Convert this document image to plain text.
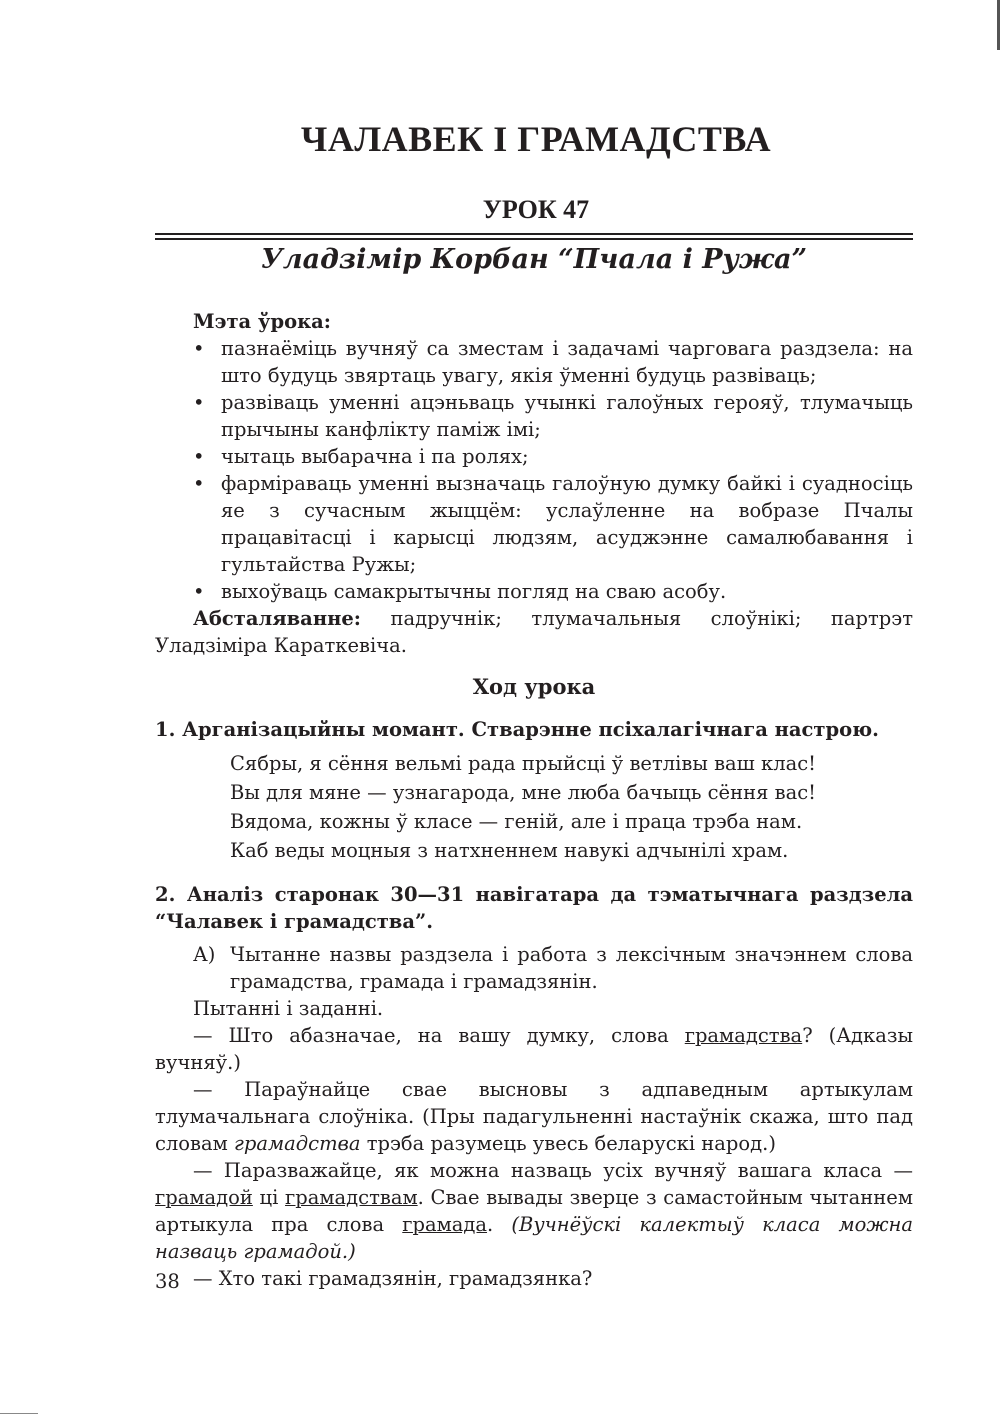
ЧАЛАВЕК І ГРАМАДСТВА
УРОК 47
Уладзімір Корбан “Пчала і Ружа”
Мэта ўрока:
• пазнаёміць вучняў са зместам і задачамі чарговага раздзела: на што будуць звяртаць увагу, якія ўменні будуць развіваць;
• развіваць уменні ацэньваць учынкі галоўных герояў, тлумачыць прычыны канфлікту паміж імі;
• чытаць выбарачна і па ролях;
• фарміраваць уменні вызначаць галоўную думку байкі і суадносіць яе з сучасным жыццём: услаўленне на вобразе Пчалы працавітасці і карысці людзям, асуджэнне самалюбавання і гультайства Ружы;
• выхоўваць самакрытычны погляд на сваю асобу.

Абсталяванне: падручнік; тлумачальныя слоўнікі; партрэт Уладзіміра Караткевіча.

Ход урока
1. Арганізацыйны момант. Стварэнне псіхалагічнага настрою.

Сябры, я сёння вельмі рада прыйсці ў ветлівы ваш клас!

Вы для мяне — узнагарода, мне люба бачыць сёння вас!

Вядома, кожны ў класе — геній, але і праца трэба нам.

Каб веды моцныя з натхненнем навукі адчынілі храм.

2. Аналіз старонак 30—31 навігатара да тэматычнага раздзела “Чалавек і грамадства”.
А) Чытанне назвы раздзела і работа з лексічным значэннем слова грамадства, грамада і грамадзянін.

Пытанні і заданні.

— Што абазначае, на вашу думку, слова грамадства? (Адказы вучняў.)

— Параўнайце свае высновы з адпаведным артыкулам тлумачальнага слоўніка. (Пры падагульненні настаўнік скажа, што пад словам грамадства трэба разумець увесь беларускі народ.)

— Паразважайце, як можна назваць усіх вучняў вашага класа — грамадой ці грамадствам. Свае вывады зверце з самастойным чытаннем артыкула пра слова грамада. (Вучнёўскі калектыў класа можна назваць грамадой.)

— Хто такі грамадзянін, грамадзянка?

38
